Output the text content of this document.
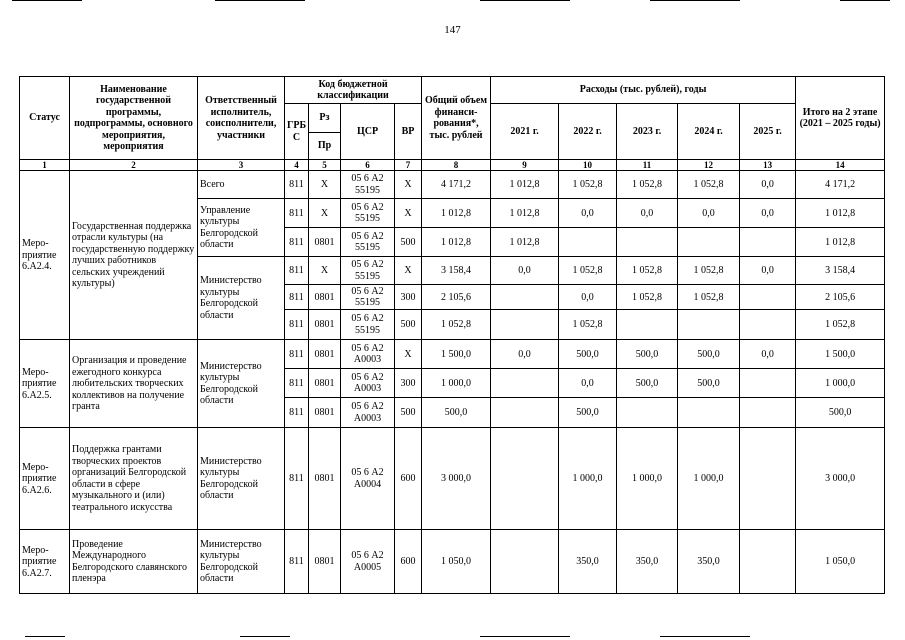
147
Статус	Наименование государственной программы, подпрограммы, основного мероприятия, мероприятия	Ответственный исполнитель, соисполнители, участники	Код бюджетной классификации				Общий объем финанси- рования*, тыс. рублей	Расходы (тыс. рублей), годы					Итого на 2 этапе (2021 – 2025 годы)
			ГРБ С	Рз	ЦСР	ВР		2021 г.	2022 г.	2023 г.	2024 г.	2025 г.	
				Пр									
1	2	3	4	5	6	7	8	9	10	11	12	13	14
Меро- приятие 6.А2.4.	Государственная поддержка отрасли культуры (на государственную поддержку лучших работников сельских учреждений культуры)	Всего	811	Х	05 6 А2 55195	Х	4 171,2	1 012,8	1 052,8	1 052,8	1 052,8	0,0	4 171,2
		Управление культуры Белгородской области	811	Х	05 6 А2 55195	Х	1 012,8	1 012,8	0,0	0,0	0,0	0,0	1 012,8
			811	0801	05 6 А2 55195	500	1 012,8	1 012,8					1 012,8
		Министерство культуры Белгородской области	811	Х	05 6 А2 55195	Х	3 158,4	0,0	1 052,8	1 052,8	1 052,8	0,0	3 158,4
			811	0801	05 6 А2 55195	300	2 105,6		0,0	1 052,8	1 052,8		2 105,6
			811	0801	05 6 А2 55195	500	1 052,8		1 052,8				1 052,8
Меро- приятие 6.А2.5.	Организация и проведение ежегодного конкурса любительских творческих коллективов на получение гранта	Министерство культуры Белгородской области	811	0801	05 6 А2 А0003	Х	1 500,0	0,0	500,0	500,0	500,0	0,0	1 500,0
			811	0801	05 6 А2 А0003	300	1 000,0		0,0	500,0	500,0		1 000,0
			811	0801	05 6 А2 А0003	500	500,0		500,0				500,0
Меро- приятие 6.А2.6.	Поддержка грантами творческих проектов организаций Белгородской области в сфере музыкального и (или) театрального искусства	Министерство культуры Белгородской области	811	0801	05 6 А2 А0004	600	3 000,0		1 000,0	1 000,0	1 000,0		3 000,0
Меро- приятие 6.А2.7.	Проведение Международного Белгородского славянского пленэра	Министерство культуры Белгородской области	811	0801	05 6 А2 А0005	600	1 050,0		350,0	350,0	350,0		1 050,0
